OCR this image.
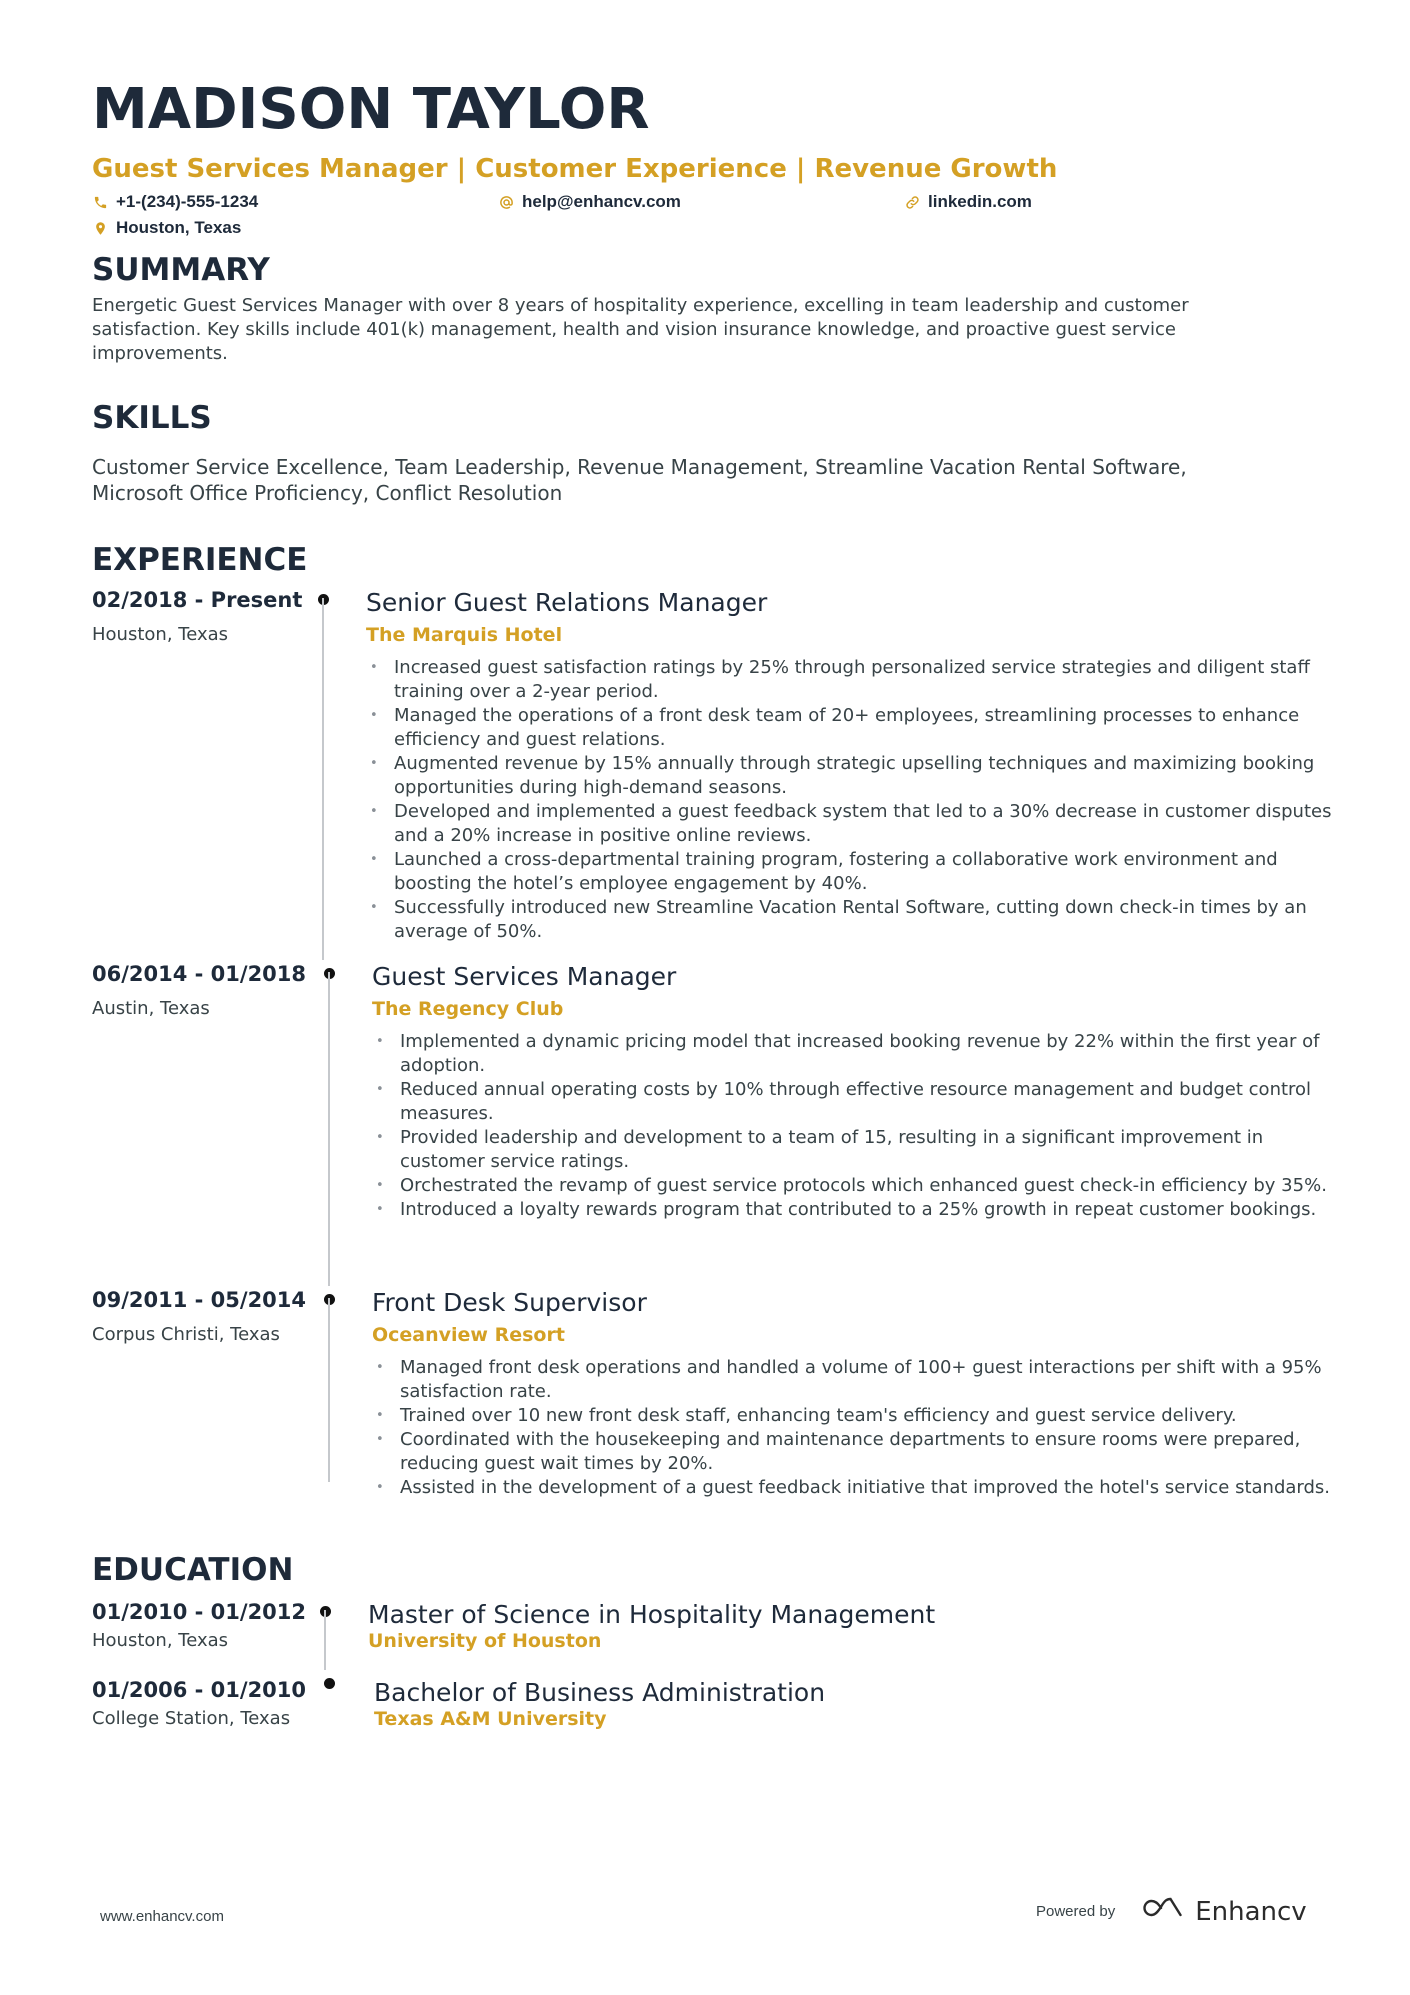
MADISON TAYLOR
Guest Services Manager | Customer Experience | Revenue Growth
+1-(234)-555-1234	help@enhancv.com	linkedin.com
Houston, Texas
SUMMARY
Energetic Guest Services Manager with over 8 years of hospitality experience, excelling in team leadership and customer satisfaction. Key skills include 401(k) management, health and vision insurance knowledge, and proactive guest service improvements.
SKILLS
Customer Service Excellence, Team Leadership, Revenue Management, Streamline Vacation Rental Software, Microsoft Office Proficiency, Conflict Resolution
EXPERIENCE
02/2018 - Present
Houston, Texas
Senior Guest Relations Manager
The Marquis Hotel
• Increased guest satisfaction ratings by 25% through personalized service strategies and diligent staff training over a 2-year period.
• Managed the operations of a front desk team of 20+ employees, streamlining processes to enhance efficiency and guest relations.
• Augmented revenue by 15% annually through strategic upselling techniques and maximizing booking opportunities during high-demand seasons.
• Developed and implemented a guest feedback system that led to a 30% decrease in customer disputes and a 20% increase in positive online reviews.
• Launched a cross-departmental training program, fostering a collaborative work environment and boosting the hotel’s employee engagement by 40%.
• Successfully introduced new Streamline Vacation Rental Software, cutting down check-in times by an average of 50%.
06/2014 - 01/2018
Austin, Texas
Guest Services Manager
The Regency Club
• Implemented a dynamic pricing model that increased booking revenue by 22% within the first year of adoption.
• Reduced annual operating costs by 10% through effective resource management and budget control measures.
• Provided leadership and development to a team of 15, resulting in a significant improvement in customer service ratings.
• Orchestrated the revamp of guest service protocols which enhanced guest check-in efficiency by 35%.
• Introduced a loyalty rewards program that contributed to a 25% growth in repeat customer bookings.
09/2011 - 05/2014
Corpus Christi, Texas
Front Desk Supervisor
Oceanview Resort
• Managed front desk operations and handled a volume of 100+ guest interactions per shift with a 95% satisfaction rate.
• Trained over 10 new front desk staff, enhancing team's efficiency and guest service delivery.
• Coordinated with the housekeeping and maintenance departments to ensure rooms were prepared, reducing guest wait times by 20%.
• Assisted in the development of a guest feedback initiative that improved the hotel's service standards.
EDUCATION
01/2010 - 01/2012
Houston, Texas
Master of Science in Hospitality Management
University of Houston
01/2006 - 01/2010
College Station, Texas
Bachelor of Business Administration
Texas A&M University
www.enhancv.com	Powered by	Enhancv
